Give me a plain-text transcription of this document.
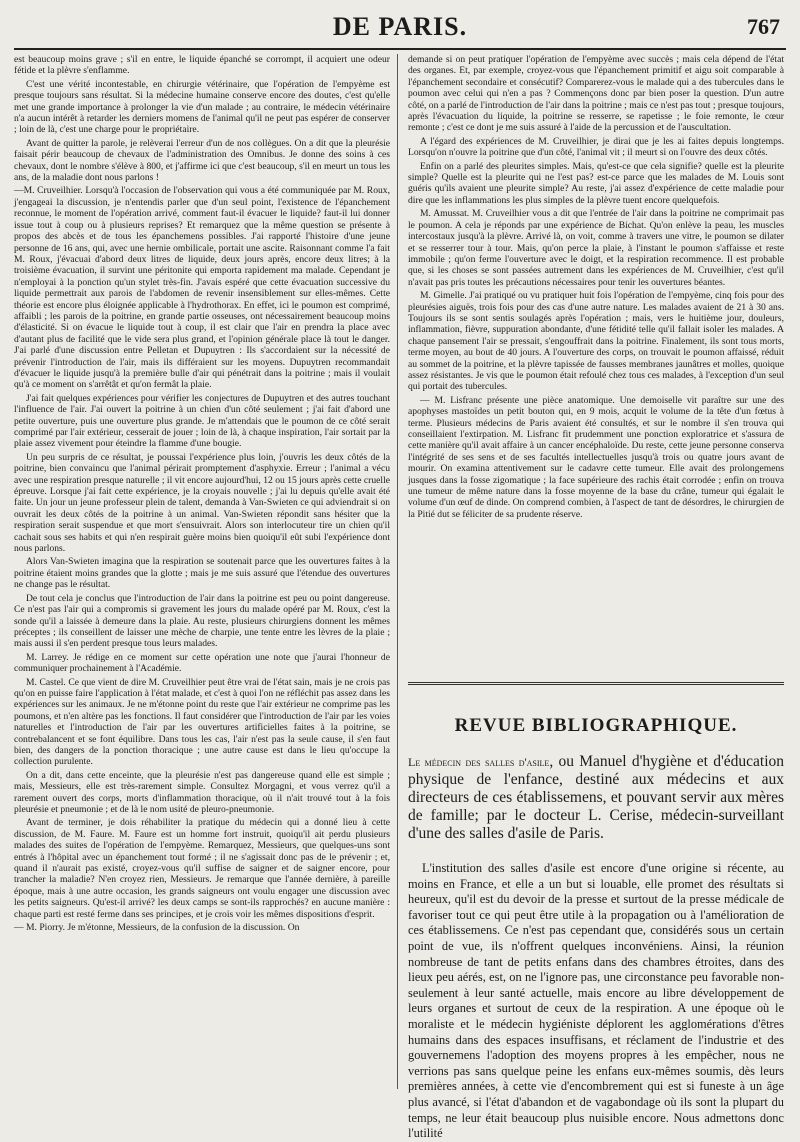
DE PARIS.	767

est beaucoup moins grave ; s'il en entre, le liquide épanché se corrompt, il acquiert une odeur fétide et la plèvre s'enflamme.

C'est une vérité incontestable, en chirurgie vétérinaire, que l'opération de l'empyème est presque toujours sans résultat. Si la médecine humaine conserve encore des doutes, c'est qu'elle met une grande importance à prolonger la vie d'un malade ; au contraire, le médecin vétérinaire n'a aucun intérêt à retarder les derniers momens de l'animal qu'il ne peut pas espérer de conserver ; loin de là, c'est une charge pour le propriétaire.

Avant de quitter la parole, je relèverai l'erreur d'un de nos collègues. On a dit que la pleurésie faisait périr beaucoup de chevaux de l'administration des Omnibus. Je donne des soins à ces chevaux, dont le nombre s'élève à 800, et j'affirme ici que c'est beaucoup, s'il en meurt un tous les ans, de la maladie dont nous parlons !

—M. Cruveilhier. Lorsqu'à l'occasion de l'observation qui vous a été communiquée par M. Roux, j'engageai la discussion, je n'entendis parler que d'un seul point, l'existence de l'épanchement reconnue, le moment de l'opération arrivé, comment faut-il évacuer le liquide? faut-il lui donner issue tout à coup ou à plusieurs reprises? Et remarquez que la même question se présente à propos des abcès et de tous les épanchemens possibles. J'ai rapporté l'histoire d'une jeune personne de 16 ans, qui, avec une hernie ombilicale, portait une ascite. Raisonnant comme l'a fait M. Roux, j'évacuai d'abord deux litres de liquide, deux jours après, encore deux litres; à la troisième évacuation, il survint une péritonite qui emporta rapidement ma malade. Cependant je n'employai à la ponction qu'un stylet très-fin. J'avais espéré que cette évacuation successive du liquide permettrait aux parois de l'abdomen de revenir insensiblement sur elles-mêmes. Cette théorie est encore plus éloignée applicable à l'hydrothorax. En effet, ici le poumon est comprimé, affaibli ; les parois de la poitrine, en grande partie osseuses, ont nécessairement beaucoup moins d'élasticité. Si on évacue le liquide tout à coup, il est clair que l'air en prendra la place avec d'autant plus de facilité que le vide sera plus grand, et l'opinion générale place là tout le danger. J'ai parlé d'une discussion entre Pelletan et Dupuytren : Ils s'accordaient sur la nécessité de prévenir l'introduction de l'air, mais ils différaient sur les moyens. Dupuytren recommandait d'évacuer le liquide jusqu'à la première bulle d'air qui pénétrait dans la poitrine ; mais il voulait qu'à ce moment on s'arrêtât et qu'on fermât la plaie.

J'ai fait quelques expériences pour vérifier les conjectures de Dupuytren et des autres touchant l'influence de l'air. J'ai ouvert la poitrine à un chien d'un côté seulement ; j'ai fait d'abord une petite ouverture, puis une ouverture plus grande. Je m'attendais que le poumon de ce côté serait comprimé par l'air extérieur, cesserait de jouer ; loin de là, à chaque inspiration, l'air sortait par la plaie assez vivement pour éteindre la flamme d'une bougie.

Un peu surpris de ce résultat, je poussai l'expérience plus loin, j'ouvris les deux côtés de la poitrine, bien convaincu que l'animal périrait promptement d'asphyxie. Erreur ; l'animal a vécu avec une respiration presque naturelle ; il vit encore aujourd'hui, 12 ou 15 jours après cette cruelle épreuve. Lorsque j'ai fait cette expérience, je la croyais nouvelle ; j'ai lu depuis qu'elle avait été faite. Un jour un jeune professeur plein de talent, demanda à Van-Swieten ce qui adviendrait si on ouvrait les deux côtés de la poitrine à un animal. Van-Swieten répondit sans hésiter que la respiration serait suspendue et que mort s'ensuivrait. Alors son interlocuteur tire un chien qu'il cachait sous ses habits et qui n'en respirait guère moins bien quoiqu'il eût subi l'expérience dont nous parlons.

Alors Van-Swieten imagina que la respiration se soutenait parce que les ouvertures faites à la poitrine étaient moins grandes que la glotte ; mais je me suis assuré que l'étendue des ouvertures ne change pas le résultat.

De tout cela je conclus que l'introduction de l'air dans la poitrine est peu ou point dangereuse. Ce n'est pas l'air qui a compromis si gravement les jours du malade opéré par M. Roux, c'est la sonde qu'il a laissée à demeure dans la plaie. Au reste, plusieurs chirurgiens donnent les mêmes préceptes ; ils conseillent de laisser une mèche de charpie, une tente entre les lèvres de la plaie ; mais aussi il s'en perdent presque tous leurs malades.

M. Larrey. Je rédige en ce moment sur cette opération une note que j'aurai l'honneur de communiquer prochainement à l'Académie.

M. Castel. Ce que vient de dire M. Cruveilhier peut être vrai de l'état sain, mais je ne crois pas qu'on en puisse faire l'application à l'état malade, et c'est à quoi l'on ne réfléchit pas assez dans les expériences sur les animaux. Je ne m'étonne point du reste que l'air extérieur ne comprime pas les poumons, et n'en altère pas les fonctions. Il faut considérer que l'introduction de l'air par les voies naturelles et l'introduction de l'air par les ouvertures artificielles faites à la poitrine, se contrebalancent et se font équilibre. Dans tous les cas, l'air n'est pas la seule cause, il s'en faut bien, des dangers de la ponction thoracique ; une autre cause est dans le lieu qu'occupe la collection purulente.

On a dit, dans cette enceinte, que la pleurésie n'est pas dangereuse quand elle est simple ; mais, Messieurs, elle est très-rarement simple. Consultez Morgagni, et vous verrez qu'il a rarement ouvert des corps, morts d'inflammation thoracique, où il n'ait trouvé tout à la fois pleurésie et pneumonie ; et de là le nom usité de pleuro-pneumonie.

Avant de terminer, je dois réhabiliter la pratique du médecin qui a donné lieu à cette discussion, de M. Faure. M. Faure est un homme fort instruit, quoiqu'il ait perdu plusieurs malades des suites de l'opération de l'empyème. Remarquez, Messieurs, que quelques-uns sont entrés à l'hôpital avec un épanchement tout formé ; il ne s'agissait donc pas de le prévenir ; et, quand il n'aurait pas existé, croyez-vous qu'il suffise de saigner et de saigner encore, pour trancher la maladie? N'en croyez rien, Messieurs. Je remarque que l'année dernière, à pareille époque, mais à une autre occasion, les grands saigneurs ont voulu engager une discussion avec les petits saigneurs. Qu'est-il arrivé? les deux camps se sont-ils rapprochés? en aucune manière : chaque parti est resté ferme dans ses principes, et je crois voir les mêmes dispositions d'esprit.

— M. Piorry. Je m'étonne, Messieurs, de la confusion de la discussion. On

demande si on peut pratiquer l'opération de l'empyème avec succès ; mais cela dépend de l'état des organes. Et, par exemple, croyez-vous que l'épanchement primitif et aigu soit comparable à l'épanchement secondaire et consécutif? Comparerez-vous le malade qui a des tubercules dans le poumon avec celui qui n'en a pas ? Commençons donc par bien poser la question. D'un autre côté, on a parlé de l'introduction de l'air dans la poitrine ; mais ce n'est pas tout ; presque toujours, après l'évacuation du liquide, la poitrine se resserre, se rapetisse ; le foie remonte, le cœur remonte ; c'est ce dont je me suis assuré à l'aide de la percussion et de l'auscultation.

A l'égard des expériences de M. Cruveilhier, je dirai que je les ai faites depuis longtemps. Lorsqu'on n'ouvre la poitrine que d'un côté, l'animal vit ; il meurt si on l'ouvre des deux côtés.

Enfin on a parlé des pleurites simples. Mais, qu'est-ce que cela signifie? quelle est la pleurite simple? Quelle est la pleurite qui ne l'est pas? est-ce parce que les malades de M. Louis sont guéris qu'ils avaient une pleurite simple? Au reste, j'ai assez d'expérience de cette maladie pour dire que les inflammations les plus simples de la plèvre tuent encore quelquefois.

M. Amussat. M. Cruveilhier vous a dit que l'entrée de l'air dans la poitrine ne comprimait pas le poumon. A cela je réponds par une expérience de Bichat. Qu'on enlève la peau, les muscles intercostaux jusqu'à la plèvre. Arrivé là, on voit, comme à travers une vitre, le poumon se dilater et se resserrer tour à tour. Mais, qu'on perce la plaie, à l'instant le poumon s'affaisse et reste immobile ; qu'on ferme l'ouverture avec le doigt, et la respiration recommence. Il est probable que, si les choses se sont passées autrement dans les expériences de M. Cruveilhier, c'est qu'il n'avait pas pris toutes les précautions nécessaires pour tenir les ouvertures béantes.

M. Gimelle. J'ai pratiqué ou vu pratiquer huit fois l'opération de l'empyème, cinq fois pour des pleurésies aiguës, trois fois pour des cas d'une autre nature. Les malades avaient de 21 à 30 ans. Toujours ils se sont sentis soulagés après l'opération ; mais, vers le huitième jour, douleurs, inflammation, fièvre, suppuration abondante, d'une fétidité telle qu'il fallait isoler les malades. A chaque pansement l'air se pressait, s'engouffrait dans la poitrine. Finalement, ils sont tous morts, terme moyen, au bout de 40 jours. A l'ouverture des corps, on trouvait le poumon affaissé, réduit au sommet de la poitrine, et la plèvre tapissée de fausses membranes jaunâtres et molles, quoique assez résistantes. Je vis que le poumon était refoulé chez tous ces malades, à l'exception d'un seul qui portait des tubercules.

— M. Lisfranc présente une pièce anatomique. Une demoiselle vit paraître sur une des apophyses mastoïdes un petit bouton qui, en 9 mois, acquit le volume de la tête d'un fœtus à terme. Plusieurs médecins de Paris avaient été consultés, et sur le nombre il s'en trouva qui conseillaient l'extirpation. M. Lisfranc fit prudemment une ponction exploratrice et s'assura de cette manière qu'il avait affaire à un cancer encéphaloïde. Du reste, cette jeune personne conserva l'intégrité de ses sens et de ses facultés intellectuelles jusqu'à trois ou quatre jours avant de mourir. On examina attentivement sur le cadavre cette tumeur. Elle avait des prolongemens jusques dans la fosse zigomatique ; la face supérieure des rachis était corrodée ; enfin on trouva une tumeur de même nature dans la fosse moyenne de la base du crâne, tumeur qui égalait le volume d'un œuf de dinde. On comprend combien, à l'aspect de tant de désordres, le chirurgien de la Pitié dut se féliciter de sa prudente réserve.

REVUE BIBLIOGRAPHIQUE.
Le médecin des salles d'asile, ou Manuel d'hygiène et d'éducation physique de l'enfance, destiné aux médecins et aux directeurs de ces établissemens, et pouvant servir aux mères de famille; par le docteur L. Cerise, médecin-surveillant d'une des salles d'asile de Paris.

L'institution des salles d'asile est encore d'une origine si récente, au moins en France, et elle a un but si louable, elle promet des résultats si heureux, qu'il est du devoir de la presse et surtout de la presse médicale de favoriser tout ce qui peut être utile à la propagation ou à l'amélioration de ces établissemens. Ce n'est pas cependant que, considérés sous un certain point de vue, ils n'offrent quelques inconvéniens. Ainsi, la réunion nombreuse de tant de petits enfans dans des chambres étroites, dans des lieux peu aérés, est, on ne l'ignore pas, une circonstance peu favorable non-seulement à leur santé actuelle, mais encore au libre développement de leurs organes et surtout de ceux de la respiration. A une époque où le moraliste et le médecin hygiéniste déplorent les agglomérations d'êtres humains dans des espaces insuffisans, et réclament de l'industrie et des gouvernemens l'adoption des moyens propres à les empêcher, nous ne verrions pas sans quelque peine les enfans eux-mêmes soumis, dès leurs premières années, à cette vie d'encombrement qui est si funeste à un âge plus avancé, si l'état d'abandon et de vagabondage où ils sont la plupart du temps, ne leur était beaucoup plus nuisible encore. Nous admettons donc l'utilité
